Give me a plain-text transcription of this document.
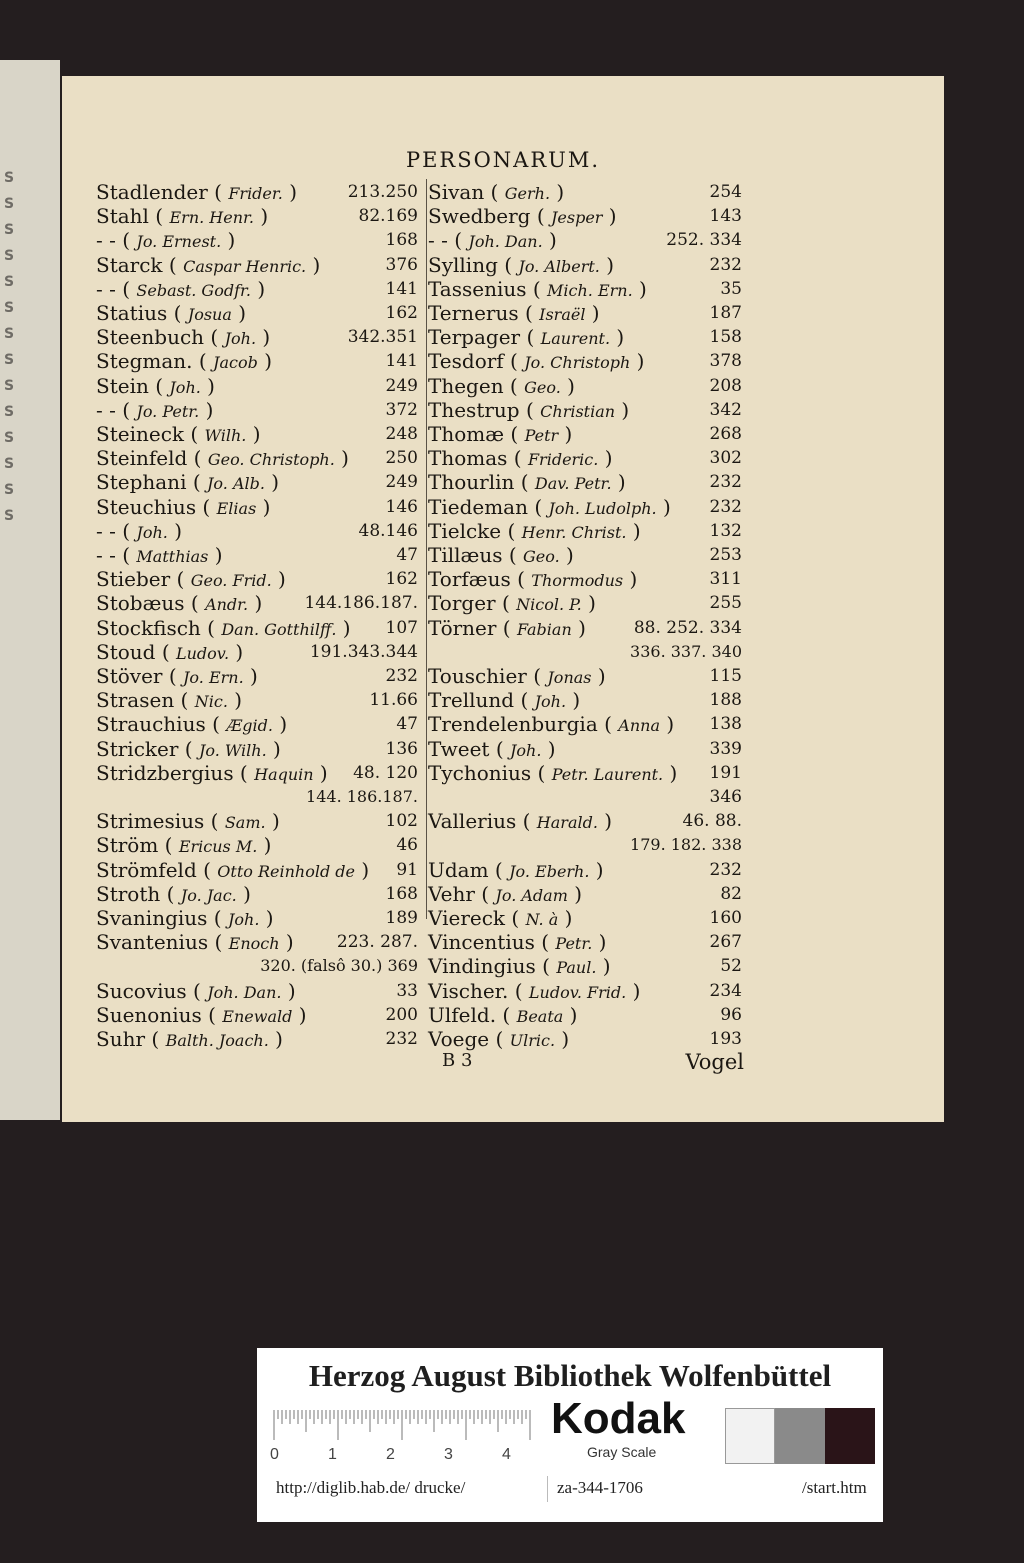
S
S
S
S
S
S
S
S
S
S
S
S
S
S
PERSONARUM.
Stadlender ( Frider. )	213.250
Stahl ( Ern. Henr. )	82.169
- - ( Jo. Ernest. )	168
Starck ( Caspar Henric. )	376
- - ( Sebast. Godfr. )	141
Statius ( Josua )	162
Steenbuch ( Joh. )	342.351
Stegman. ( Jacob )	141
Stein ( Joh. )	249
- - ( Jo. Petr. )	372
Steineck ( Wilh. )	248
Steinfeld ( Geo. Christoph. ) 250
Stephani ( Jo. Alb. )	249
Steuchius ( Elias )	146
- - ( Joh. )	48.146
- - ( Matthias )	47
Stieber ( Geo. Frid. )	162
Stobæus ( Andr. ) 144.186.187.
Stockfisch ( Dan. Gotthilff. ) 107
Stoud ( Ludov. )	191.343.344
Stöver ( Jo. Ern. )	232
Strasen ( Nic. )	11.66
Strauchius ( Ægid. )	47
Stricker ( Jo. Wilh. )	136
Stridzbergius ( Haquin ) 48. 120
144. 186.187.
Strimesius ( Sam. )	102
Ström ( Ericus M. )	46
Strömfeld ( Otto Reinhold de ) 91
Stroth ( Jo. Jac. )	168
Svaningius ( Joh. )	189
Svantenius ( Enoch )	223. 287.
320. (falsô 30.) 369
Sucovius ( Joh. Dan. )	33
Suenonius ( Enewald )	200
Suhr ( Balth. Joach. )	232
Sivan ( Gerh. )	254
Swedberg ( Jesper )	143
- - ( Joh. Dan. )	252. 334
Sylling ( Jo. Albert. )	232
Tassenius ( Mich. Ern. )	35
Ternerus ( Israël )	187
Terpager ( Laurent. )	158
Tesdorf ( Jo. Christoph )	378
Thegen ( Geo. )	208
Thestrup ( Christian )	342
Thomæ ( Petr )	268
Thomas ( Frideric. )	302
Thourlin ( Dav. Petr. )	232
Tiedeman ( Joh. Ludolph. ) 232
Tielcke ( Henr. Christ. )	132
Tillæus ( Geo. )	253
Torfæus ( Thormodus )	311
Torger ( Nicol. P. )	255
Törner ( Fabian )	88. 252. 334
336. 337. 340
Touschier ( Jonas )	115
Trellund ( Joh. )	188
Trendelenburgia ( Anna ) 138
Tweet ( Joh. )	339
Tychonius ( Petr. Laurent. ) 191
346
Vallerius ( Harald. )	46. 88.
179. 182. 338
Udam ( Jo. Eberh. )	232
Vehr ( Jo. Adam )	82
Viereck ( N. à )	160
Vincentius ( Petr. )	267
Vindingius ( Paul. )	52
Vischer. ( Ludov. Frid. )	234
Ulfeld. ( Beata )	96
Voege ( Ulric. )	193
B 3	Vogel
Herzog August Bibliothek Wolfenbüttel
0	1	2	3	4
Kodak
Gray Scale
http://diglib.hab.de/ drucke/	za-344-1706	/start.htm
